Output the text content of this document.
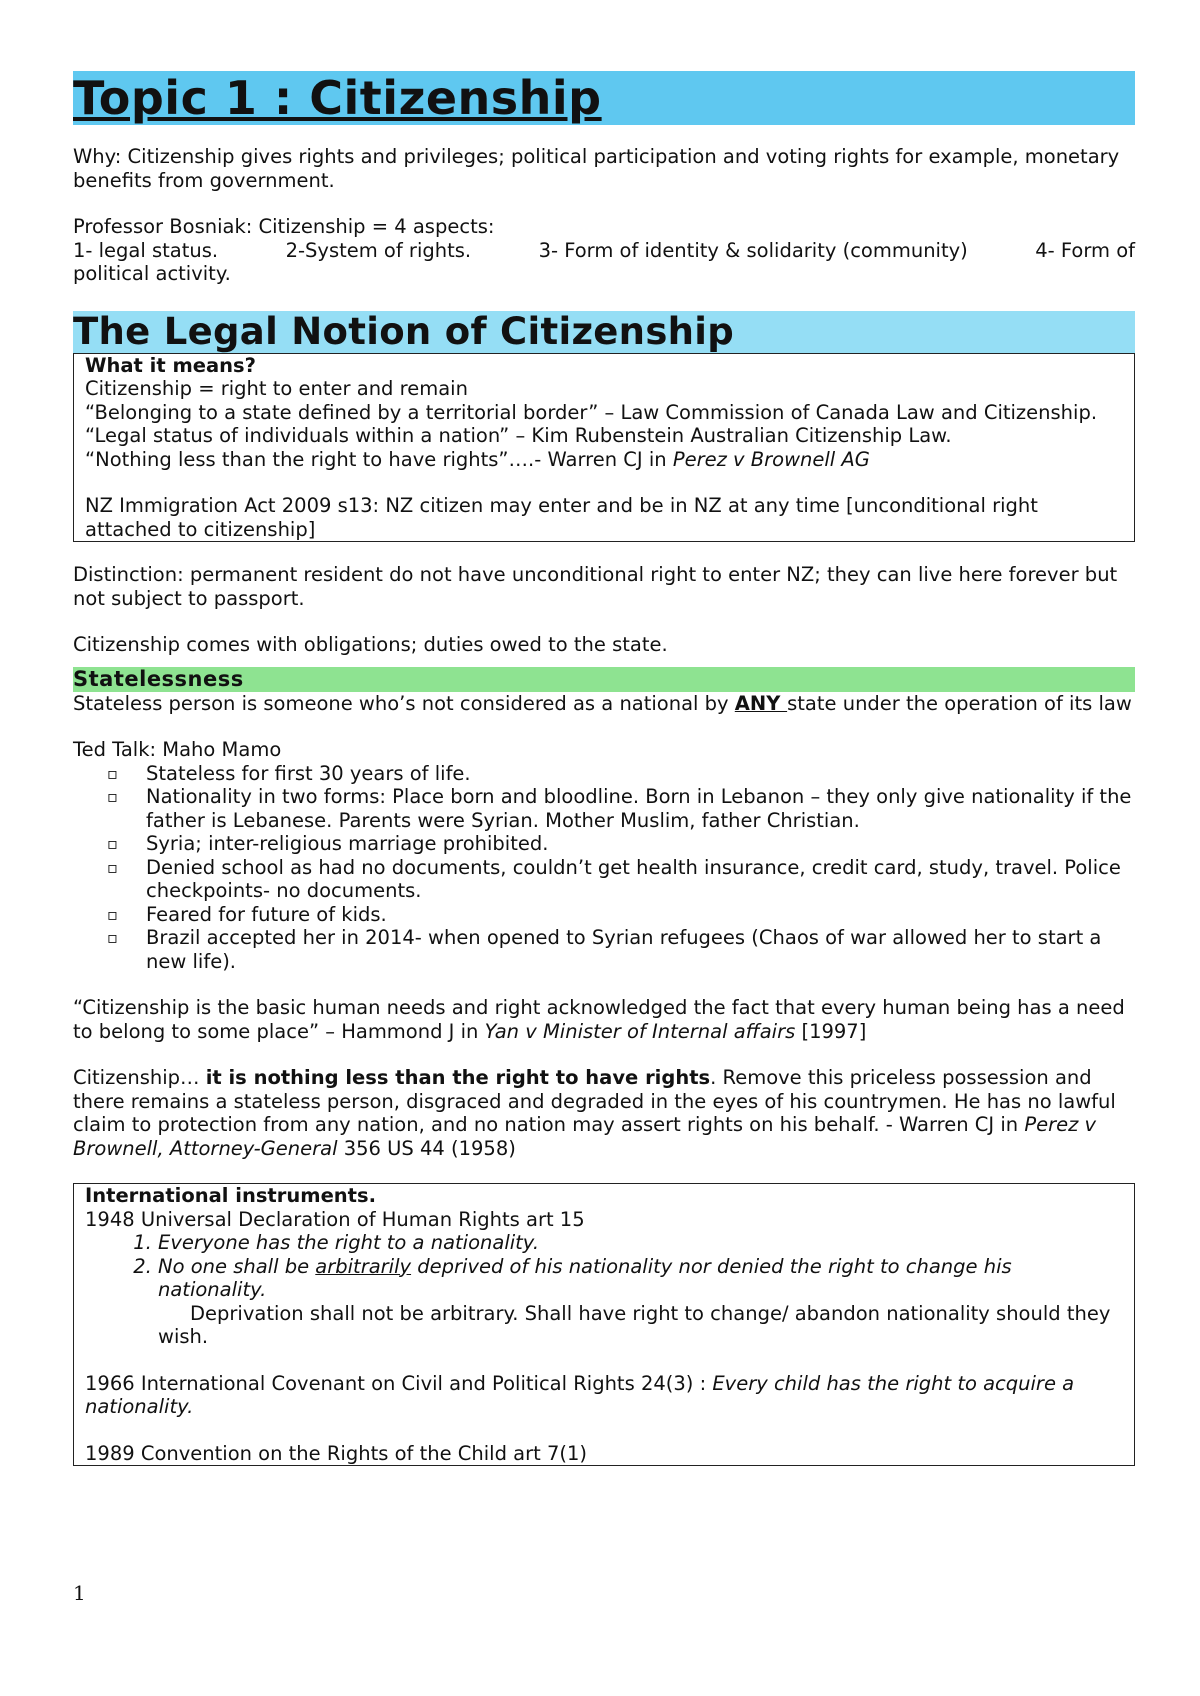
Topic 1 : Citizenship

Why: Citizenship gives rights and privileges; political participation and voting rights for example, monetary benefits from government.

Professor Bosniak: Citizenship = 4 aspects:

1- legal status.	2-System of rights.	3- Form of identity & solidarity (community)	4- Form of

political activity.

The Legal Notion of Citizenship

What it means?

Citizenship = right to enter and remain

“Belonging to a state defined by a territorial border” – Law Commission of Canada Law and Citizenship.

“Legal status of individuals within a nation” – Kim Rubenstein Australian Citizenship Law.

“Nothing less than the right to have rights”….- Warren CJ in Perez v Brownell AG

NZ Immigration Act 2009 s13: NZ citizen may enter and be in NZ at any time [unconditional right attached to citizenship]

Distinction: permanent resident do not have unconditional right to enter NZ; they can live here forever but not subject to passport.

Citizenship comes with obligations; duties owed to the state.

Statelessness

Stateless person is someone who’s not considered as a national by ANY state under the operation of its law

Ted Talk: Maho Mamo

▫ Stateless for first 30 years of life.
▫ Nationality in two forms: Place born and bloodline. Born in Lebanon – they only give nationality if the father is Lebanese. Parents were Syrian. Mother Muslim, father Christian.
▫ Syria; inter-religious marriage prohibited.
▫ Denied school as had no documents, couldn’t get health insurance, credit card, study, travel. Police checkpoints- no documents.
▫ Feared for future of kids.
▫ Brazil accepted her in 2014- when opened to Syrian refugees (Chaos of war allowed her to start a new life).

“Citizenship is the basic human needs and right acknowledged the fact that every human being has a need to belong to some place” – Hammond J in Yan v Minister of Internal affairs [1997]

Citizenship… it is nothing less than the right to have rights. Remove this priceless possession and there remains a stateless person, disgraced and degraded in the eyes of his countrymen. He has no lawful claim to protection from any nation, and no nation may assert rights on his behalf. - Warren CJ in Perez v Brownell, Attorney-General 356 US 44 (1958)

International instruments.

1948 Universal Declaration of Human Rights art 15

1. Everyone has the right to a nationality.
2. No one shall be arbitrarily deprived of his nationality nor denied the right to change his nationality.

Deprivation shall not be arbitrary. Shall have right to change/ abandon nationality should they wish.

1966 International Covenant on Civil and Political Rights 24(3) : Every child has the right to acquire a nationality.

1989 Convention on the Rights of the Child art 7(1)

1
